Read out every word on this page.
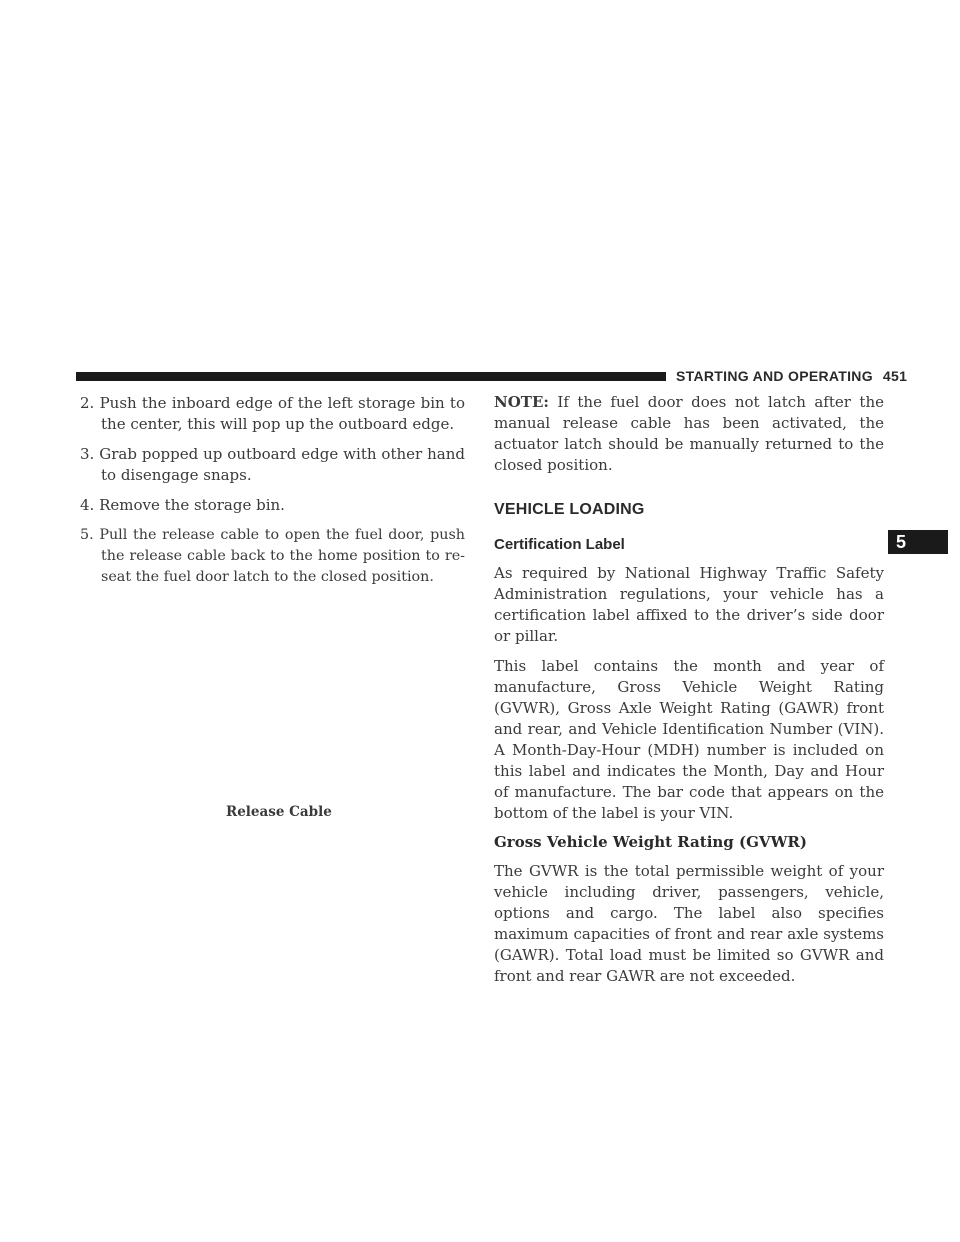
STARTING AND OPERATING 451
5

2. Push the inboard edge of the left storage bin to the center, this will pop up the outboard edge.

3. Grab popped up outboard edge with other hand to disengage snaps.

4. Remove the storage bin.

5. Pull the release cable to open the fuel door, push the release cable back to the home position to re-seat the fuel door latch to the closed position.

Release Cable

NOTE: If the fuel door does not latch after the manual release cable has been activated, the actuator latch should be manually returned to the closed position.

VEHICLE LOADING
Certification Label

As required by National Highway Traffic Safety Administration regulations, your vehicle has a certification label affixed to the driver’s side door or pillar.

This label contains the month and year of manufacture, Gross Vehicle Weight Rating (GVWR), Gross Axle Weight Rating (GAWR) front and rear, and Vehicle Identification Number (VIN). A Month-Day-Hour (MDH) number is included on this label and indicates the Month, Day and Hour of manufacture. The bar code that appears on the bottom of the label is your VIN.

Gross Vehicle Weight Rating (GVWR)

The GVWR is the total permissible weight of your vehicle including driver, passengers, vehicle, options and cargo. The label also specifies maximum capacities of front and rear axle systems (GAWR). Total load must be limited so GVWR and front and rear GAWR are not exceeded.
